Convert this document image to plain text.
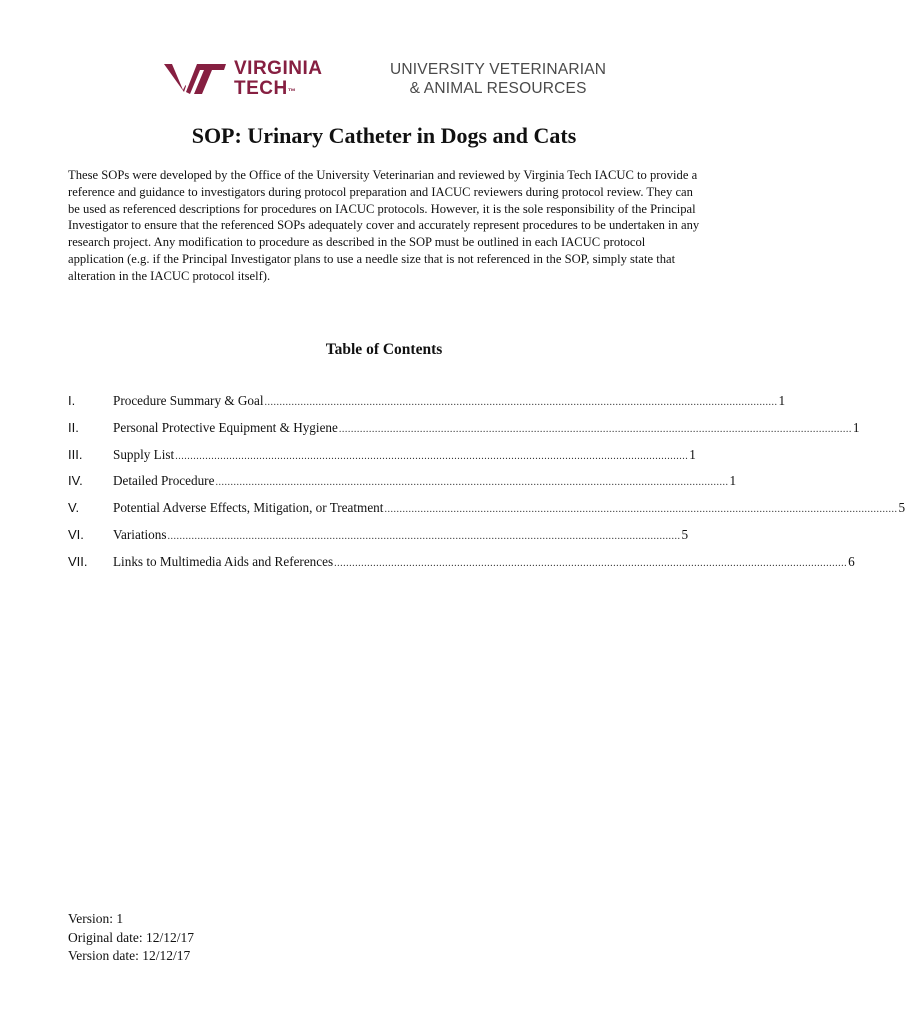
VIRGINIA
TECH™
UNIVERSITY VETERINARIAN
& ANIMAL RESOURCES
SOP: Urinary Catheter in Dogs and Cats

These SOPs were developed by the Office of the University Veterinarian and reviewed by Virginia Tech IACUC to provide a reference and guidance to investigators during protocol preparation and IACUC reviewers during protocol review. They can be used as referenced descriptions for procedures on IACUC protocols. However, it is the sole responsibility of the Principal Investigator to ensure that the referenced SOPs adequately cover and accurately represent procedures to be undertaken in any research project. Any modification to procedure as described in the SOP must be outlined in each IACUC protocol application (e.g. if the Principal Investigator plans to use a needle size that is not referenced in the SOP, simply state that alteration in the IACUC protocol itself).

Table of Contents
I.	Procedure Summary & Goal ........................................................................................................................................................................... 1
II.	Personal Protective Equipment & Hygiene ........................................................................................................................................................................... 1
III.	Supply List ........................................................................................................................................................................... 1
IV.	Detailed Procedure ........................................................................................................................................................................... 1
V.	Potential Adverse Effects, Mitigation, or Treatment ........................................................................................................................................................................... 5
VI.	Variations ........................................................................................................................................................................... 5
VII.	Links to Multimedia Aids and References ........................................................................................................................................................................... 6
Version: 1
Original date: 12/12/17
Version date: 12/12/17
